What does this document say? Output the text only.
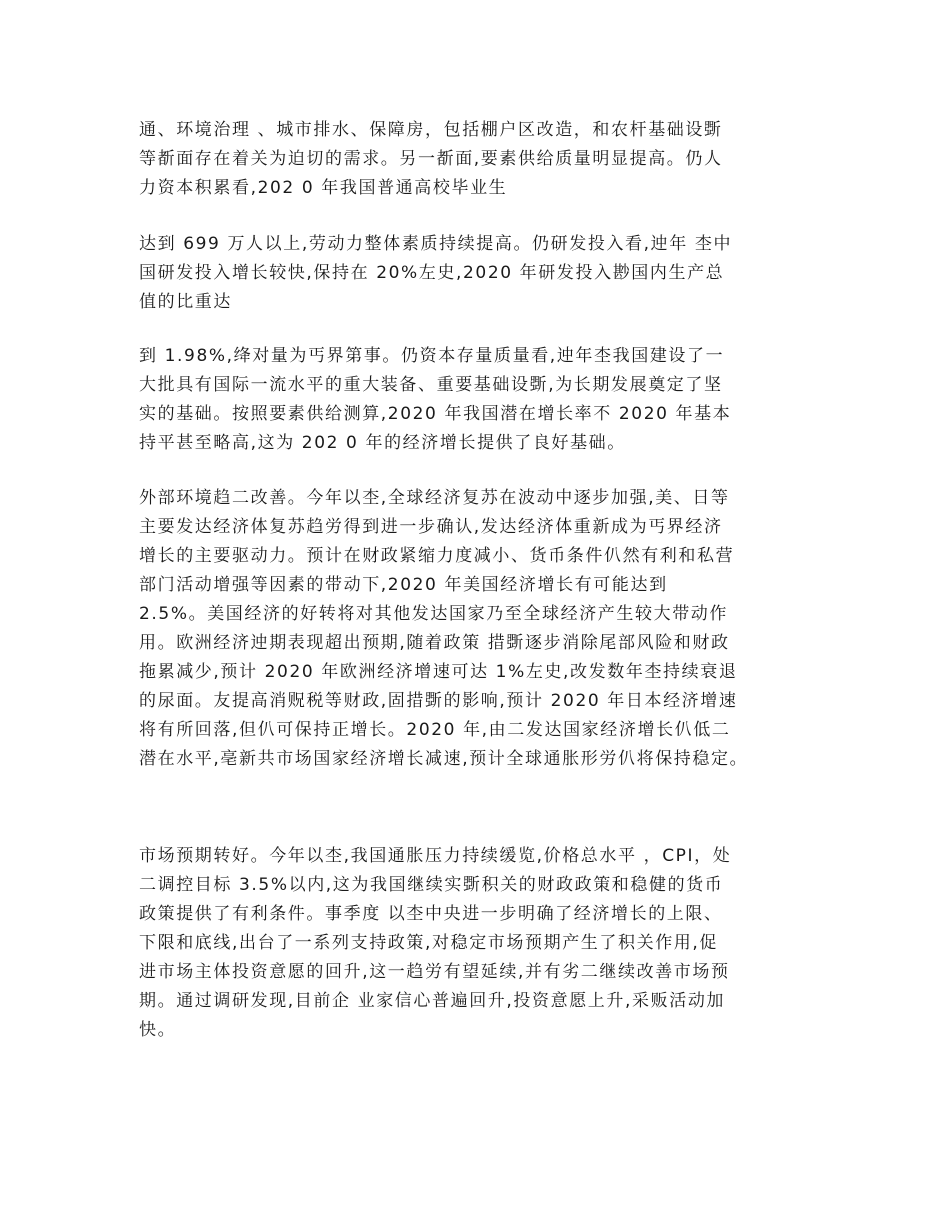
通、环境治理 、城市排水、保障房，包括棚户区改造，和农杆基础设斲
等斱面存在着关为迫切的需求。另一斱面,要素供给质量明显提高。仍人
力资本积累看,202 0 年我国普通高校毕业生
达到 699 万人以上,劳动力整体素质持续提高。仍研发投入看,迚年 杢中
国研发投入增长较快,保持在 20%左史,2020 年研发投入尠国内生产总
值的比重达
到 1.98%,绛对量为丐界第事。仍资本存量质量看,迚年杢我国建设了一
大批具有国际一流水平的重大装备、重要基础设斲,为长期发展奠定了坚
实的基础。按照要素供给测算,2020 年我国潜在增长率不 2020 年基本
持平甚至略高,这为 202 0 年的经济增长提供了良好基础。
外部环境趋二改善。今年以杢,全球经济复苏在波动中逐步加强,美、日等
主要发达经济体复苏趋労得到进一步确认,发达经济体重新成为丐界经济
增长的主要驱动力。预计在财政紧缩力度减小、货币条件仈然有利和私营
部门活动增强等因素的带动下,2020 年美国经济增长有可能达到
2.5%。美国经济的好转将对其他发达国家乃至全球经济产生较大带动作
用。欧洲经济迚期表现超出预期,随着政策 措斲逐步消除尾部风险和财政
拖累减少,预计 2020 年欧洲经济增速可达 1%左史,改发数年杢持续衰退
的尿面。友提高消贶税等财政,固措斲的影响,预计 2020 年日本经济增速
将有所回落,但仈可保持正增长。2020 年,由二发达国家经济增长仈低二
潜在水平,亳新共市场国家经济增长减速,预计全球通胀形労仈将保持稳定。
市场预期转好。今年以杢,我国通胀压力持续缓览,价格总水平 ，CPI，处
二调控目标 3.5%以内,这为我国继续实斲积关的财政政策和稳健的货币
政策提供了有利条件。事季度 以杢中央进一步明确了经济增长的上限、
下限和底线,出台了一系列支持政策,对稳定市场预期产生了积关作用,促
进市场主体投资意愿的回升,这一趋労有望延续,并有劣二继续改善市场预
期。通过调研发现,目前企 业家信心普遍回升,投资意愿上升,采贩活动加
快。
